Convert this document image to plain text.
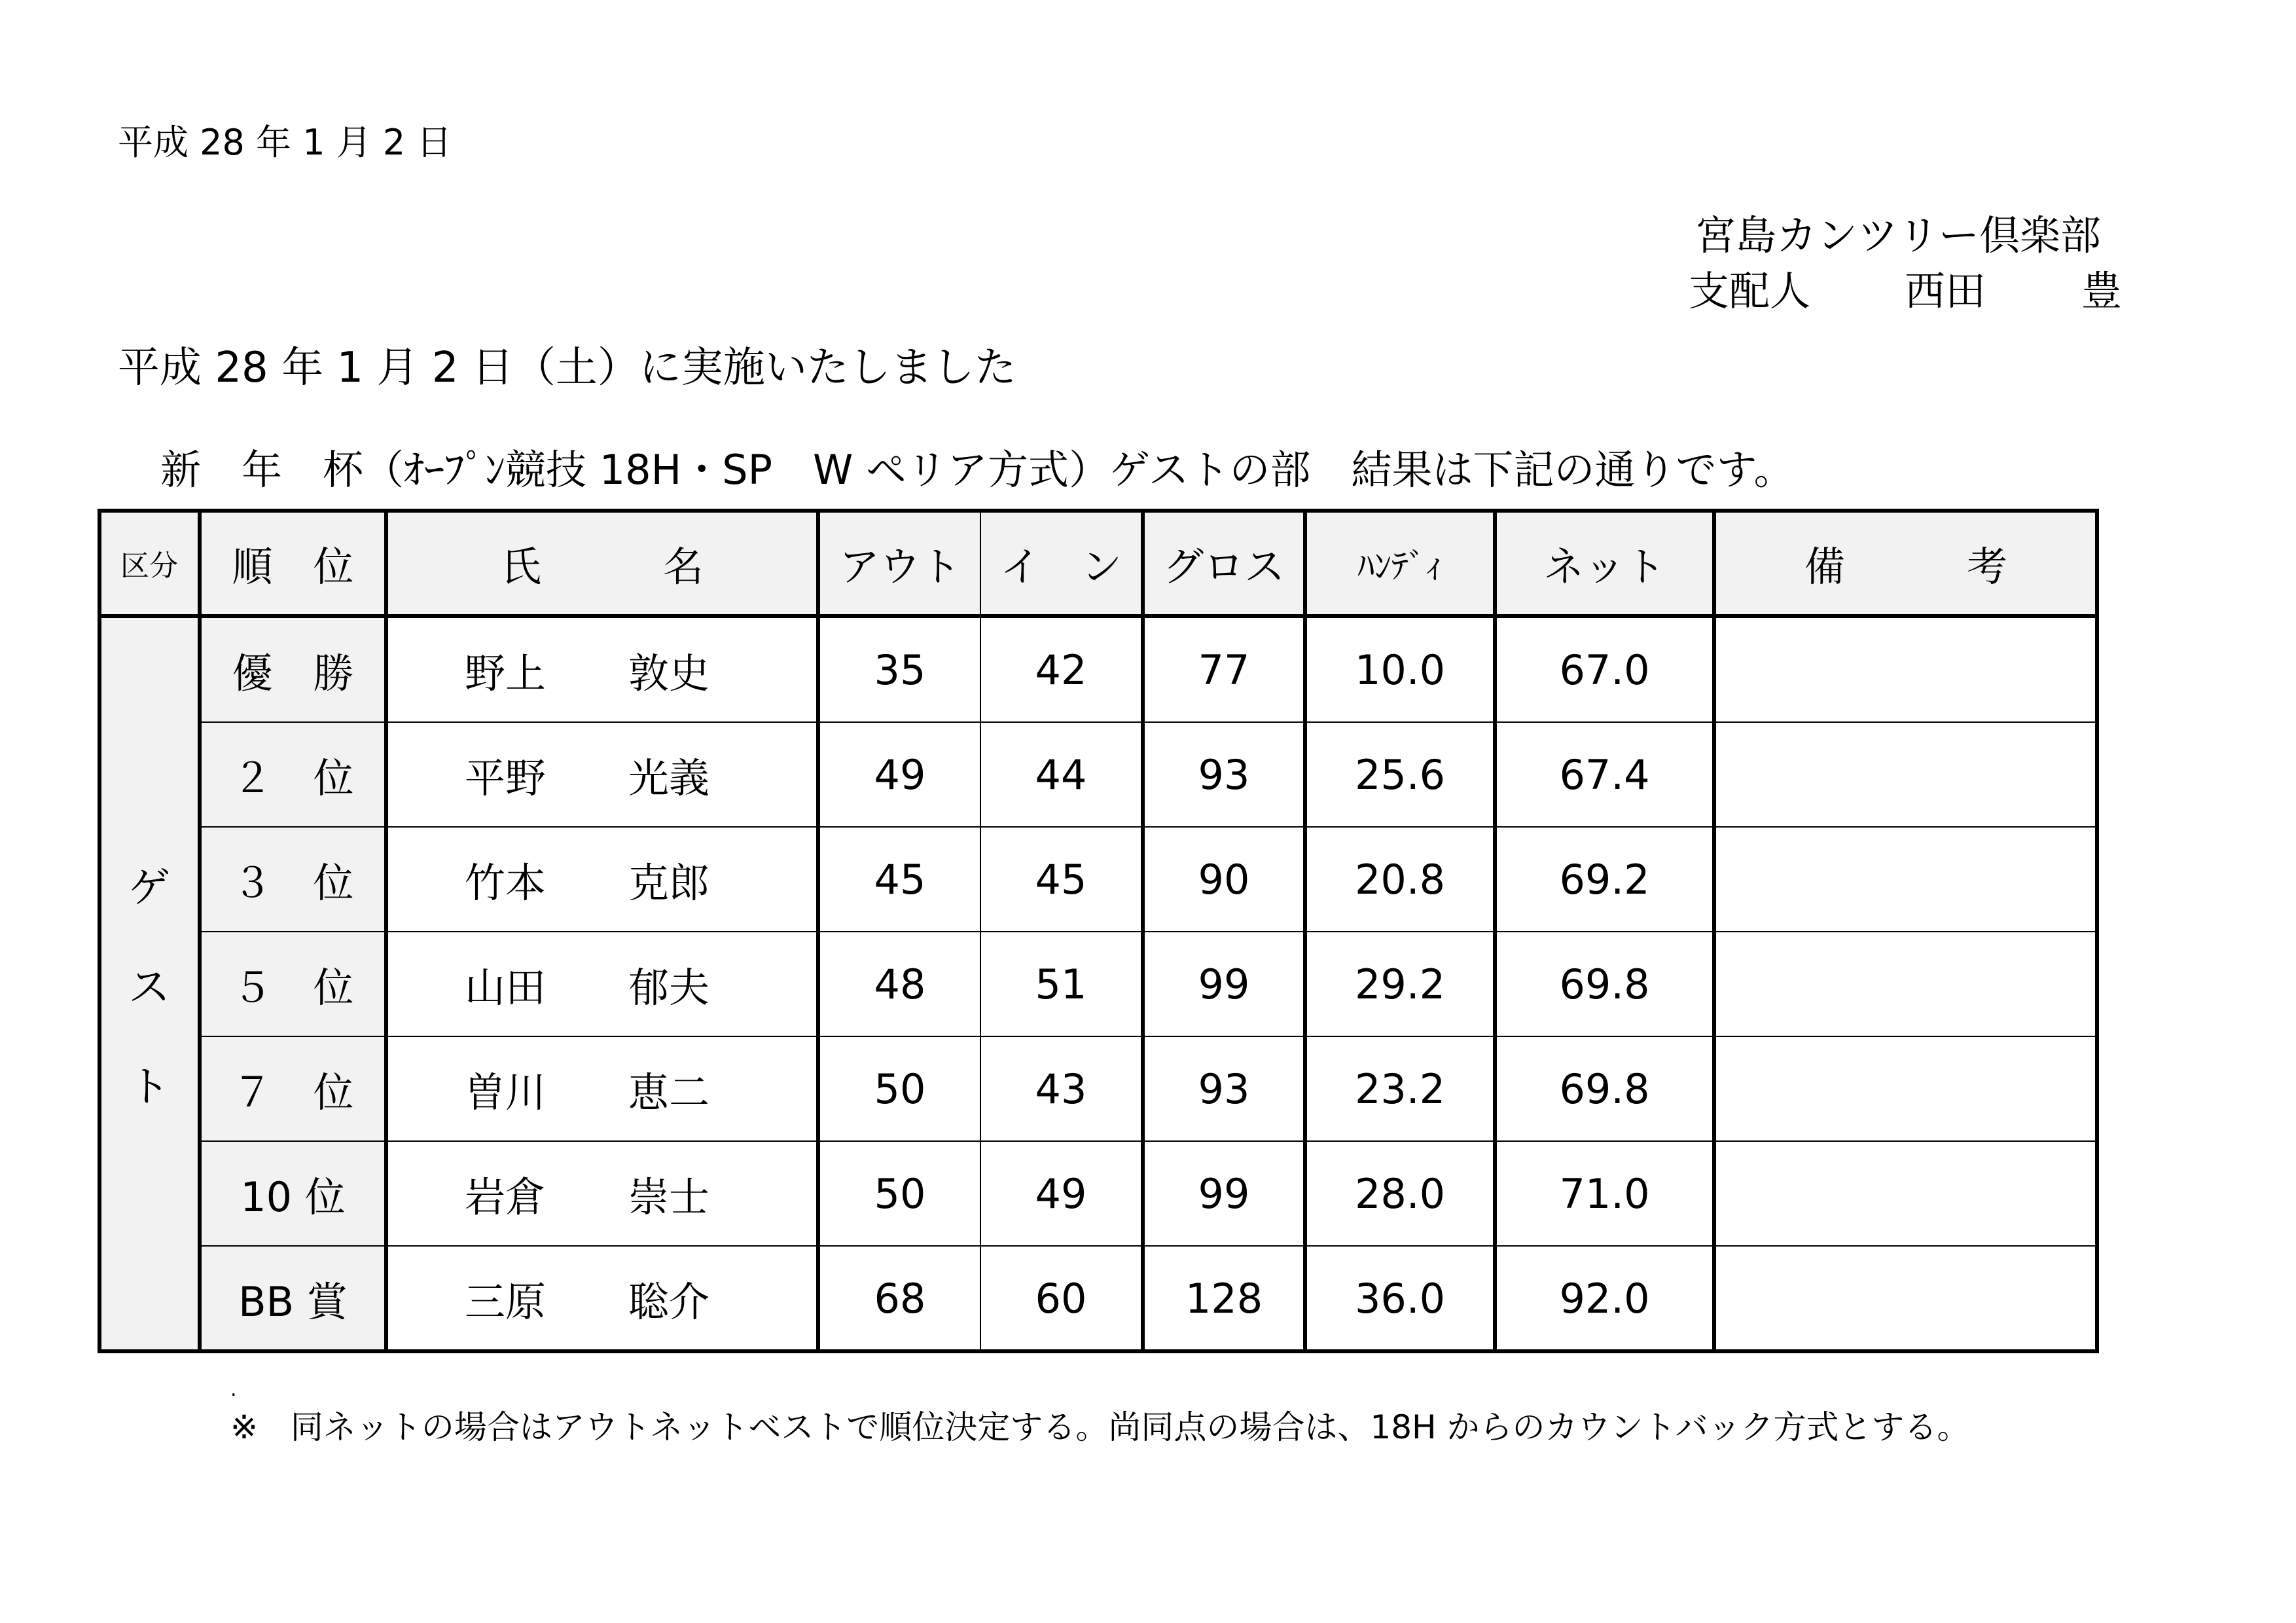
平成 28 年 1 月 2 日
宮島カンツリー倶楽部
支配人 西田 豊
平成 28 年 1 月 2 日（土）に実施いたしました
新　年　杯（ｵｰﾌﾟﾝ競技 18H・SP　W ペリア方式）ゲストの部　結果は下記の通りです。
区分	順　位	氏　　　名	アウト	イ　ン	グロス	ﾊﾝﾃﾞｨ	ネット	備　　　考

ゲ
ス
ト	優　勝	野上 敦史	35	42	77	10.0	67.0	
	２　位	平野 光義	49	44	93	25.6	67.4	
	３　位	竹本 克郎	45	45	90	20.8	69.2	
	５　位	山田 郁夫	48	51	99	29.2	69.8	
	７　位	曽川 恵二	50	43	93	23.2	69.8	
	10 位	岩倉 崇士	50	49	99	28.0	71.0	
	BB 賞	三原 聡介	68	60	128	36.0	92.0	
.
※　同ネットの場合はアウトネットベストで順位決定する。尚同点の場合は、18H からのカウントバック方式とする。
